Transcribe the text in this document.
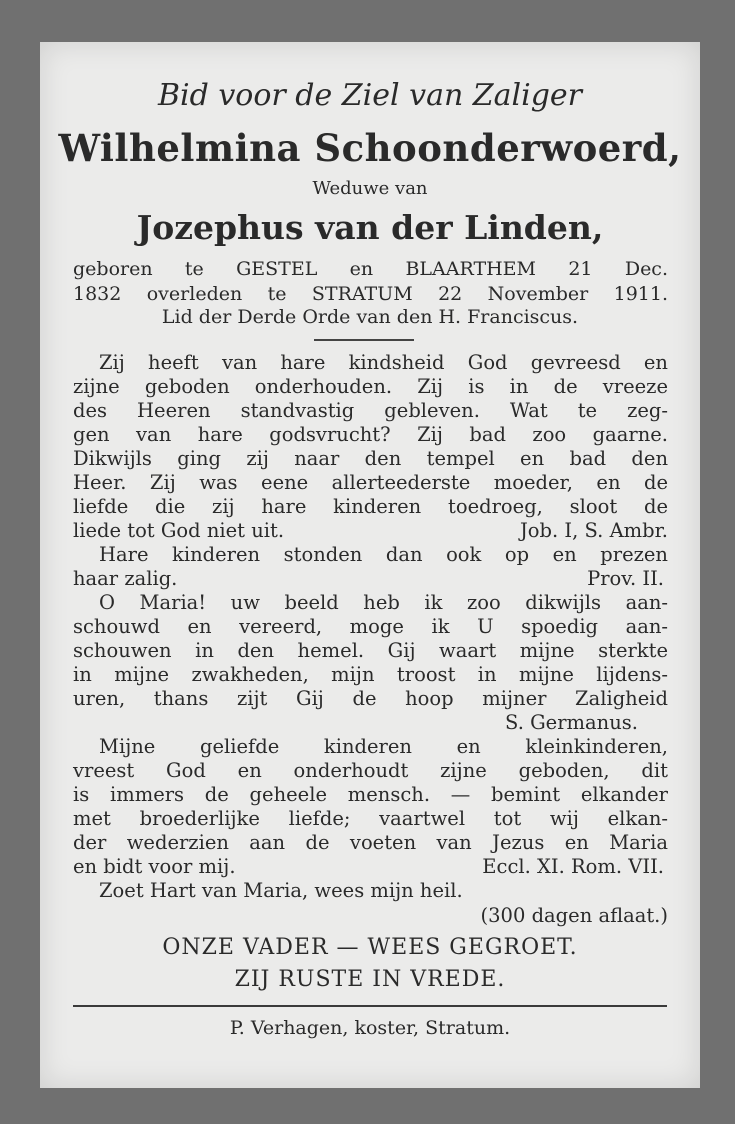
Bid voor de Ziel van Zaliger
Wilhelmina Schoonderwoerd,
Weduwe van
Jozephus van der Linden,
geboren te GESTEL en BLAARTHEM 21 Dec.
1832 overleden te STRATUM 22 November 1911.
Lid der Derde Orde van den H. Franciscus.
Zij heeft van hare kindsheid God gevreesd en
zijne geboden onderhouden. Zij is in de vreeze
des Heeren standvastig gebleven. Wat te zeg-
gen van hare godsvrucht? Zij bad zoo gaarne.
Dikwijls ging zij naar den tempel en bad den
Heer. Zij was eene allerteederste moeder, en de
liefde die zij hare kinderen toedroeg, sloot de
liede tot God niet uit.	Job. I, S. Ambr.
Hare kinderen stonden dan ook op en prezen
haar zalig.	Prov. II.
O Maria! uw beeld heb ik zoo dikwijls aan-
schouwd en vereerd, moge ik U spoedig aan-
schouwen in den hemel. Gij waart mijne sterkte
in mijne zwakheden, mijn troost in mijne lijdens-
uren, thans zijt Gij de hoop mijner Zaligheid
S. Germanus.
Mijne geliefde kinderen en kleinkinderen,
vreest God en onderhoudt zijne geboden, dit
is immers de geheele mensch. — bemint elkander
met broederlijke liefde; vaartwel tot wij elkan-
der wederzien aan de voeten van Jezus en Maria
en bidt voor mij.	Eccl. XI. Rom. VII.
Zoet Hart van Maria, wees mijn heil.
(300 dagen aflaat.)
ONZE VADER — WEES GEGROET.
ZIJ RUSTE IN VREDE.
P. Verhagen, koster, Stratum.
